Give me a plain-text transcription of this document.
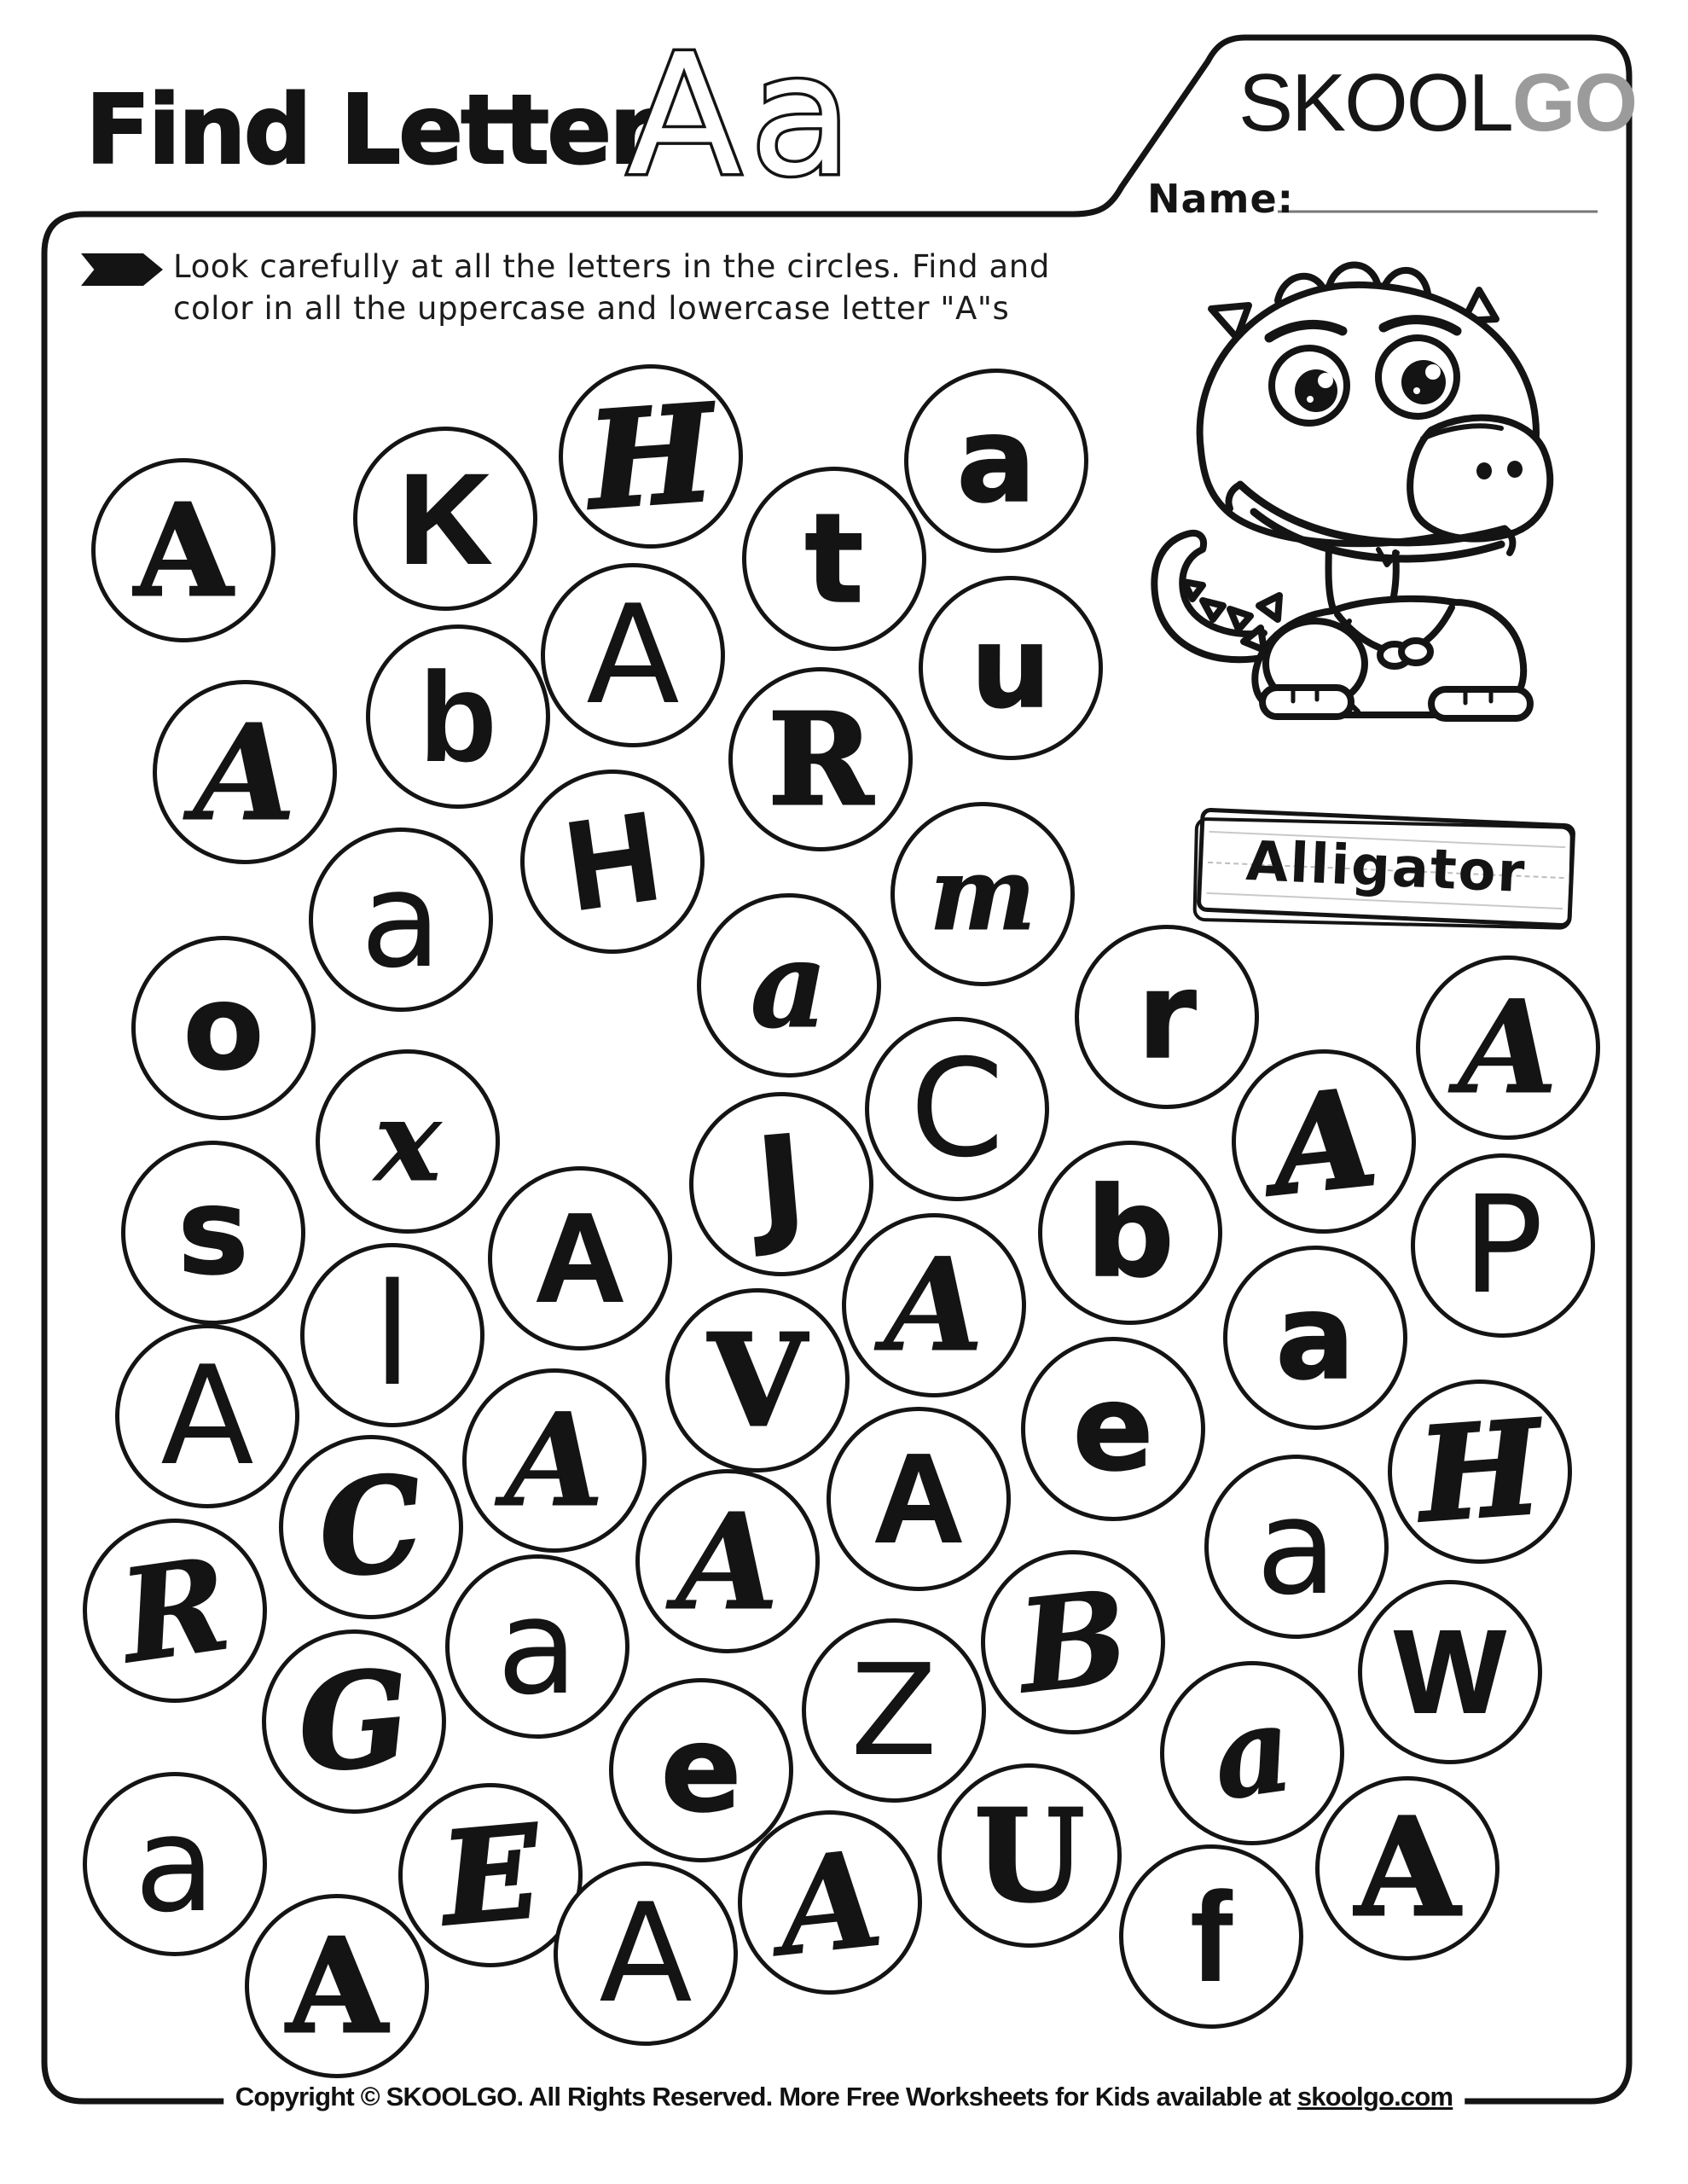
Find Letter
Aa	SKOOLGO
Name:
Look carefully at all the letters in the circles. Find and
color in all the uppercase and lowercase letter "A"s
Alligator
A K H a
t
A	u
A b R
a H	m
o	a	r A
x	C A
s	J
A	b P
l	A
A	V	a
A	e H
C	A
A	a
R a	B W
G	Z
e	a
a E	U
A
A
A
A
f
Copyright © SKOOLGO. All Rights Reserved. More Free Worksheets for Kids available at skoolgo.com
